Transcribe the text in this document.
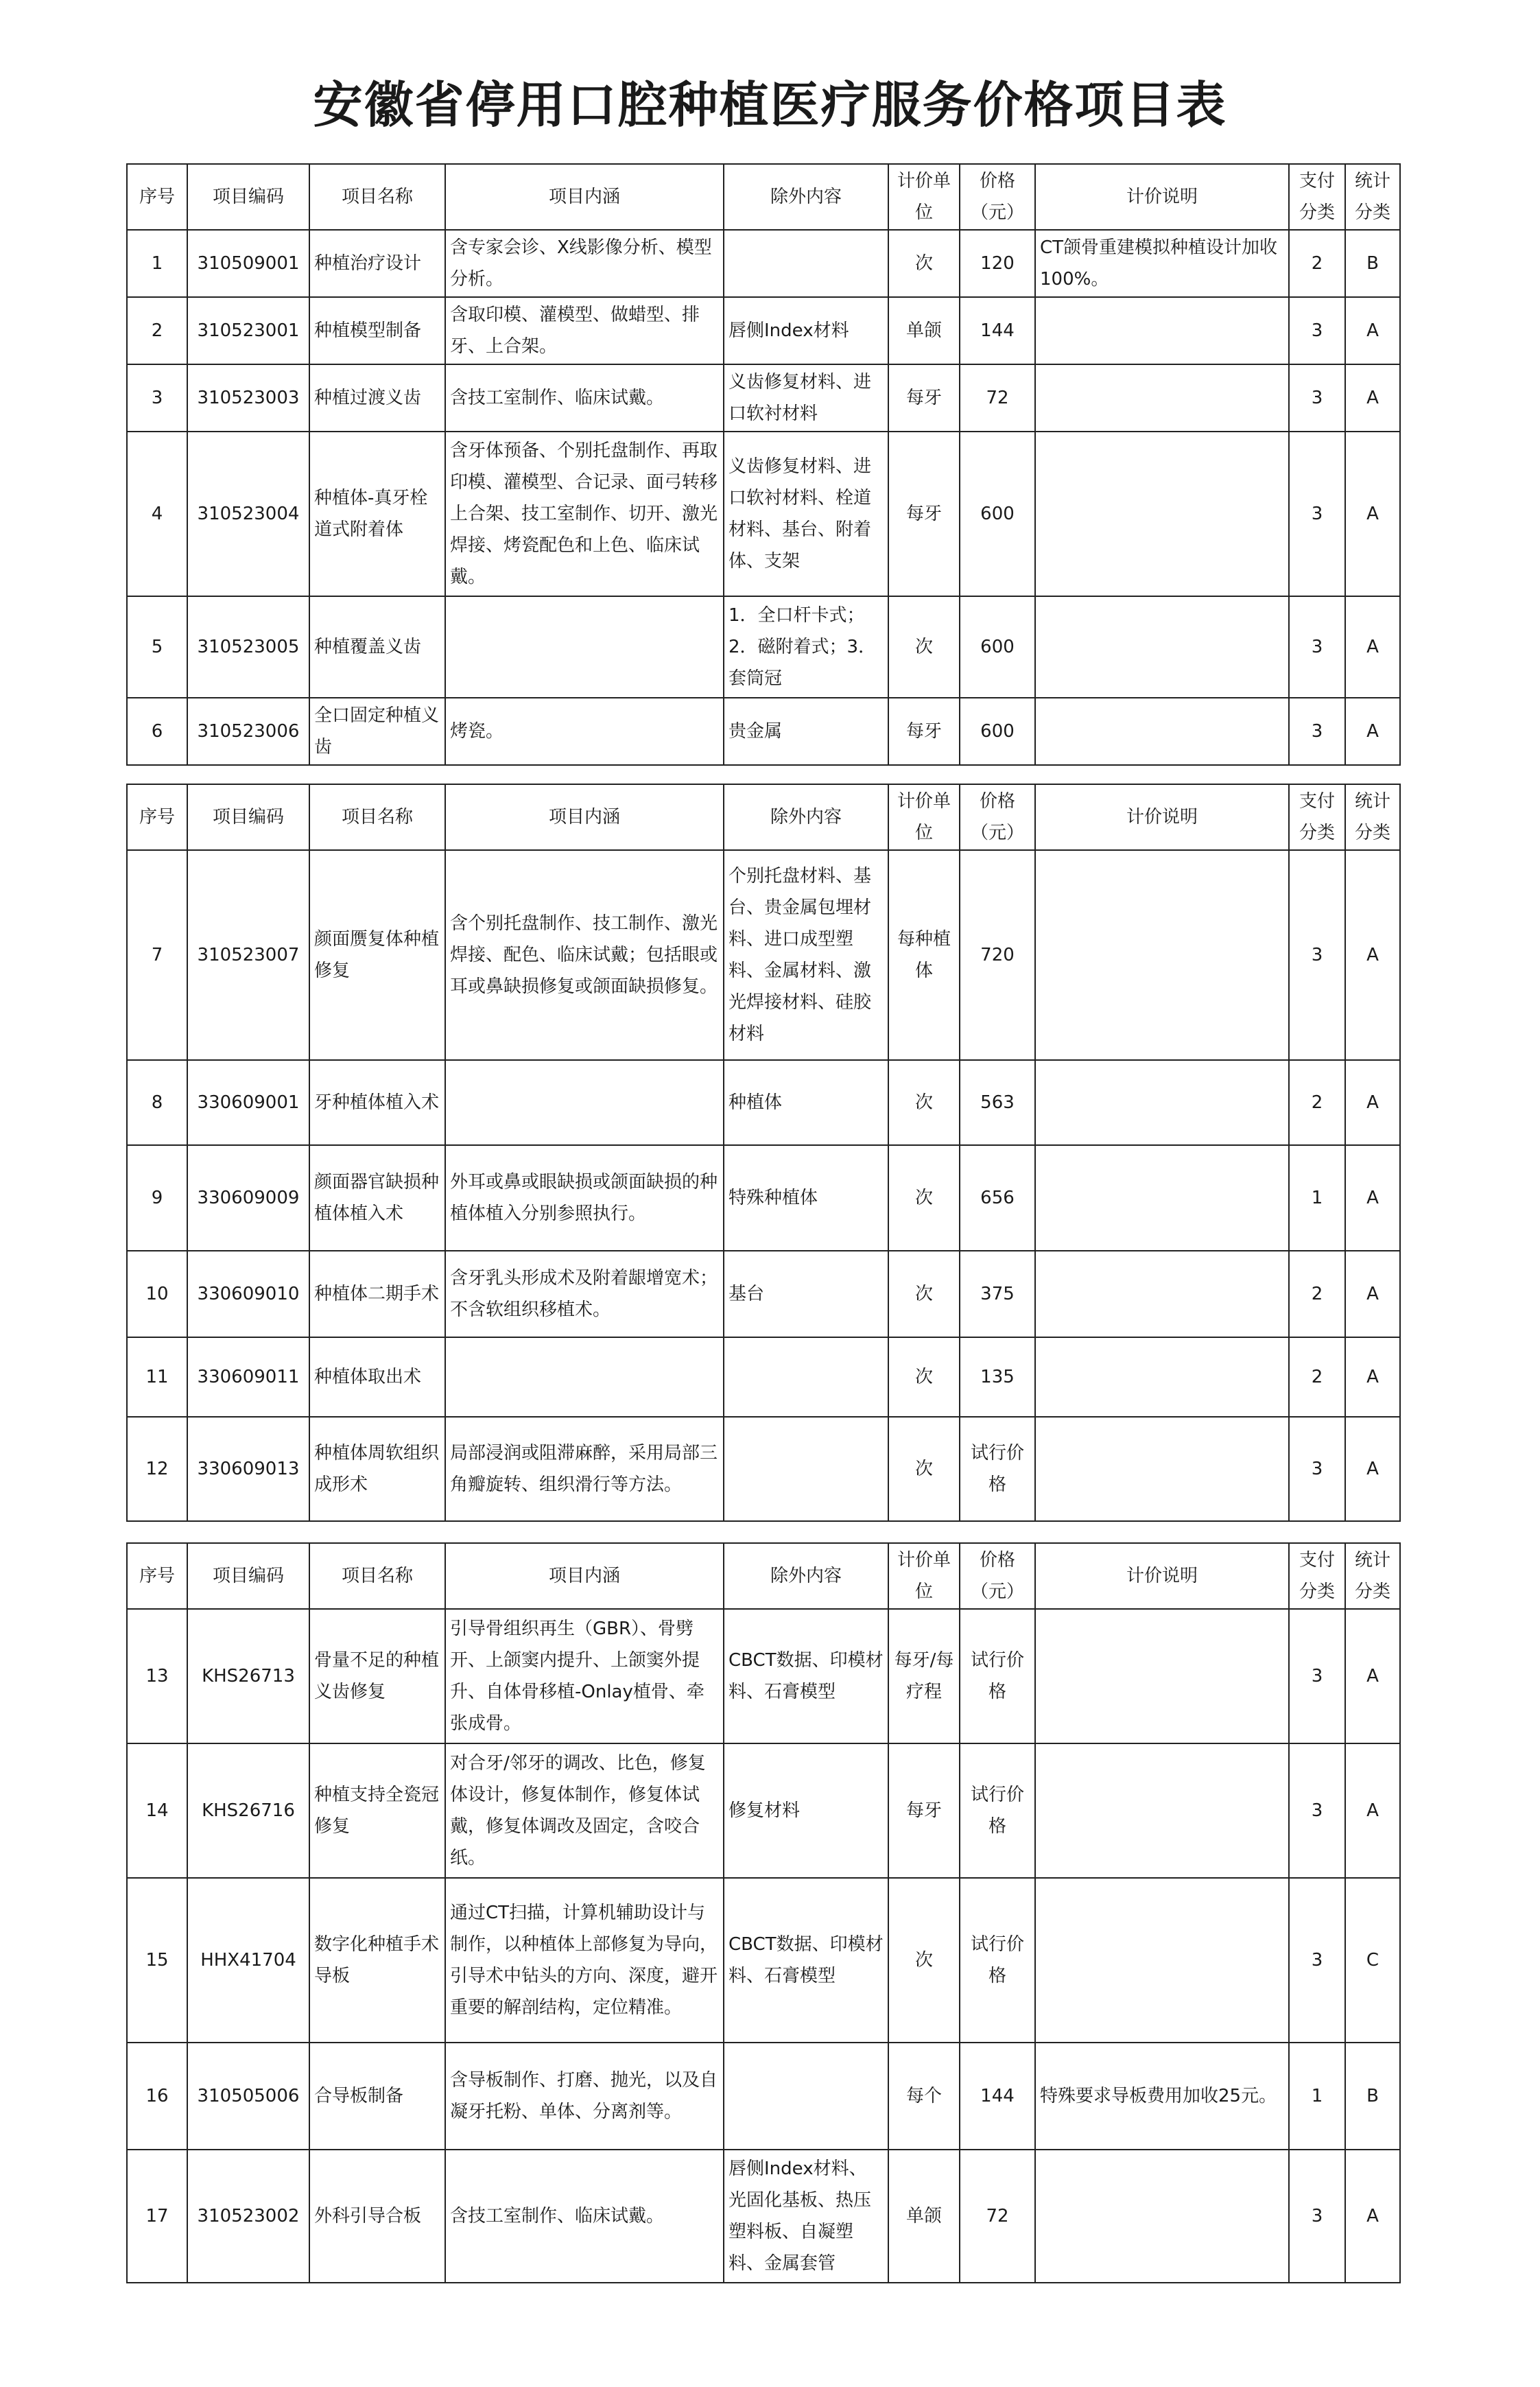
安徽省停用口腔种植医疗服务价格项目表
序号	项目编码	项目名称	项目内涵	除外内容	计价单位	价格（元）	计价说明	支付分类	统计分类
1	310509001	种植治疗设计	含专家会诊、X线影像分析、模型分析。		次	120	CT颌骨重建模拟种植设计加收100%。	2	B
2	310523001	种植模型制备	含取印模、灌模型、做蜡型、排牙、上合架。	唇侧Index材料	单颌	144		3	A
3	310523003	种植过渡义齿	含技工室制作、临床试戴。	义齿修复材料、进口软衬材料	每牙	72		3	A
4	310523004	种植体-真牙栓道式附着体	含牙体预备、个别托盘制作、再取印模、灌模型、合记录、面弓转移上合架、技工室制作、切开、激光焊接、烤瓷配色和上色、临床试戴。	义齿修复材料、进口软衬材料、栓道材料、基台、附着体、支架	每牙	600		3	A
5	310523005	种植覆盖义齿		1．全口杆卡式；2．磁附着式；3．套筒冠	次	600		3	A
6	310523006	全口固定种植义齿	烤瓷。	贵金属	每牙	600		3	A
序号	项目编码	项目名称	项目内涵	除外内容	计价单位	价格（元）	计价说明	支付分类	统计分类
7	310523007	颜面赝复体种植修复	含个别托盘制作、技工制作、激光焊接、配色、临床试戴；包括眼或耳或鼻缺损修复或颌面缺损修复。	个别托盘材料、基台、贵金属包埋材料、进口成型塑料、金属材料、激光焊接材料、硅胶材料	每种植体	720		3	A
8	330609001	牙种植体植入术		种植体	次	563		2	A
9	330609009	颜面器官缺损种植体植入术	外耳或鼻或眼缺损或颌面缺损的种植体植入分别参照执行。	特殊种植体	次	656		1	A
10	330609010	种植体二期手术	含牙乳头形成术及附着龈增宽术；不含软组织移植术。	基台	次	375		2	A
11	330609011	种植体取出术			次	135		2	A
12	330609013	种植体周软组织成形术	局部浸润或阻滞麻醉，采用局部三角瓣旋转、组织滑行等方法。		次	试行价格		3	A
序号	项目编码	项目名称	项目内涵	除外内容	计价单位	价格（元）	计价说明	支付分类	统计分类
13	KHS26713	骨量不足的种植义齿修复	引导骨组织再生（GBR）、骨劈开、上颌窦内提升、上颌窦外提升、自体骨移植-Onlay植骨、牵张成骨。	CBCT数据、印模材料、石膏模型	每牙/每疗程	试行价格		3	A
14	KHS26716	种植支持全瓷冠修复	对合牙/邻牙的调改、比色，修复体设计，修复体制作，修复体试戴，修复体调改及固定，含咬合纸。	修复材料	每牙	试行价格		3	A
15	HHX41704	数字化种植手术导板	通过CT扫描，计算机辅助设计与制作，以种植体上部修复为导向，引导术中钻头的方向、深度，避开重要的解剖结构，定位精准。	CBCT数据、印模材料、石膏模型	次	试行价格		3	C
16	310505006	合导板制备	含导板制作、打磨、抛光，以及自凝牙托粉、单体、分离剂等。		每个	144	特殊要求导板费用加收25元。	1	B
17	310523002	外科引导合板	含技工室制作、临床试戴。	唇侧Index材料、光固化基板、热压塑料板、自凝塑料、金属套管	单颌	72		3	A
